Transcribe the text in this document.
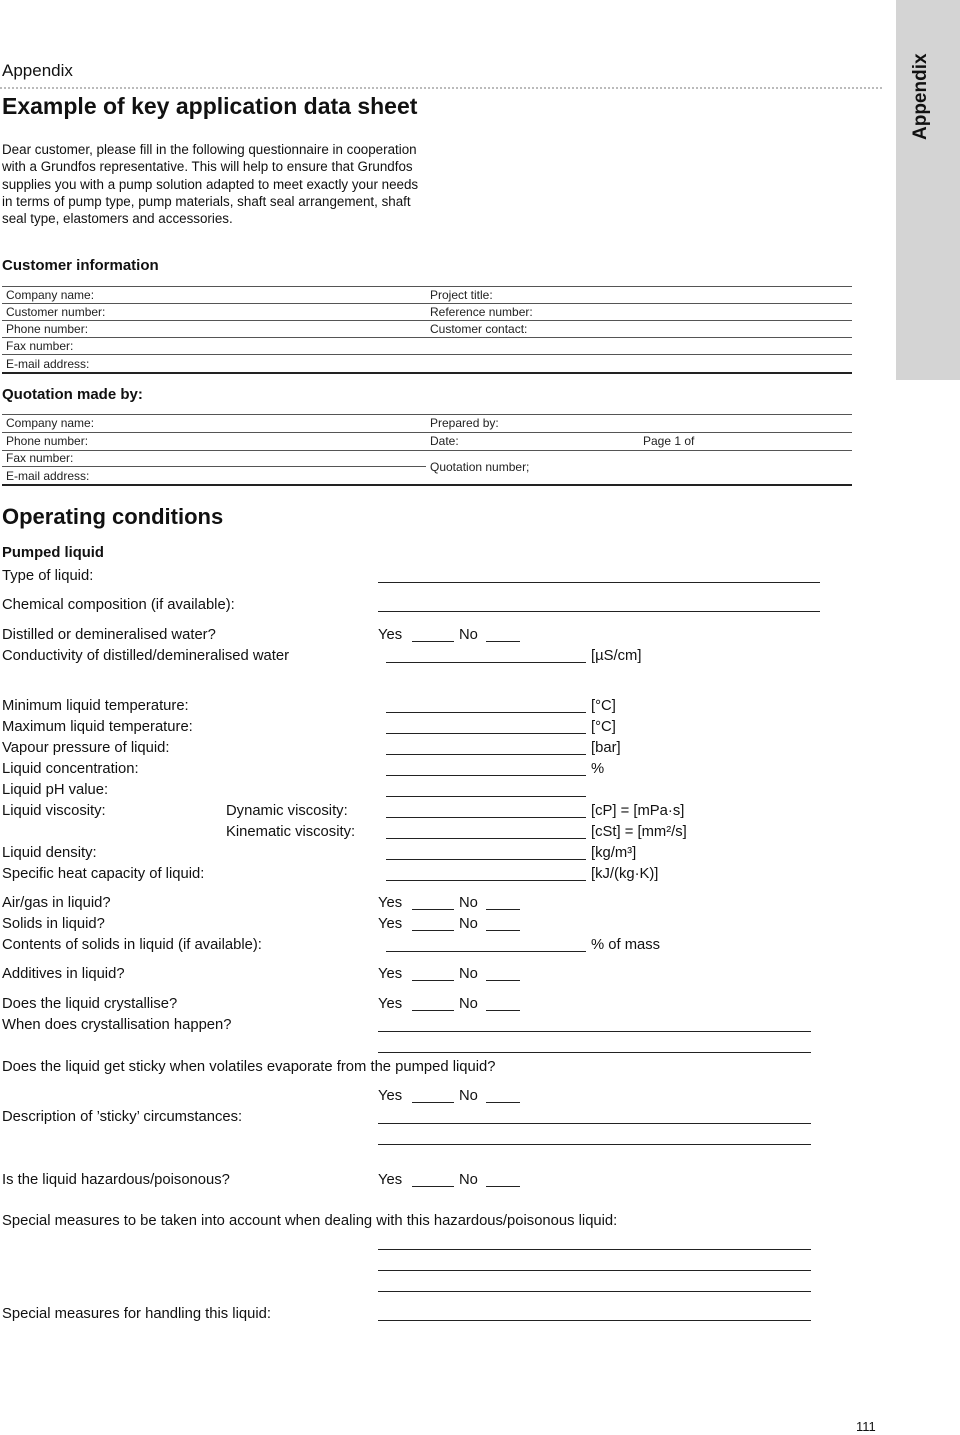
Appendix
Appendix
Example of key application data sheet
Dear customer, please fill in the following questionnaire in cooperation with a Grundfos representative. This will help to ensure that Grundfos supplies you with a pump solution adapted to meet exactly your needs in terms of pump type, pump materials, shaft seal arrangement, shaft seal type, elastomers and accessories.
Customer information
Company name:	Project title:
Customer number:	Reference number:
Phone number:	Customer contact:
Fax number:
E-mail address:
Quotation made by:
Company name:	Prepared by:
Phone number:	Date:	Page 1 of
Fax number:
Quotation number;
E-mail address:
Operating conditions
Pumped liquid
Type of liquid:
Chemical composition (if available):
Distilled or demineralised water?	Yes	No
Conductivity of distilled/demineralised water	[µS/cm]
Minimum liquid temperature:	[°C]
Maximum liquid temperature:	[°C]
Vapour pressure of liquid:	[bar]
Liquid concentration:	%
Liquid pH value:
Liquid viscosity:	Dynamic viscosity:	[cP] = [mPa·s]
Kinematic viscosity:	[cSt] = [mm²/s]
Liquid density:	[kg/m³]
Specific heat capacity of liquid:	[kJ/(kg·K)]
Air/gas in liquid?	Yes	No
Solids in liquid?	Yes	No
Contents of solids in liquid (if available):	% of mass
Additives in liquid?	Yes	No
Does the liquid crystallise?	Yes	No
When does crystallisation happen?
Does the liquid get sticky when volatiles evaporate from the pumped liquid?
Yes	No
Description of ’sticky’ circumstances:
Is the liquid hazardous/poisonous?	Yes	No
Special measures to be taken into account when dealing with this hazardous/poisonous liquid:
Special measures for handling this liquid:
111
